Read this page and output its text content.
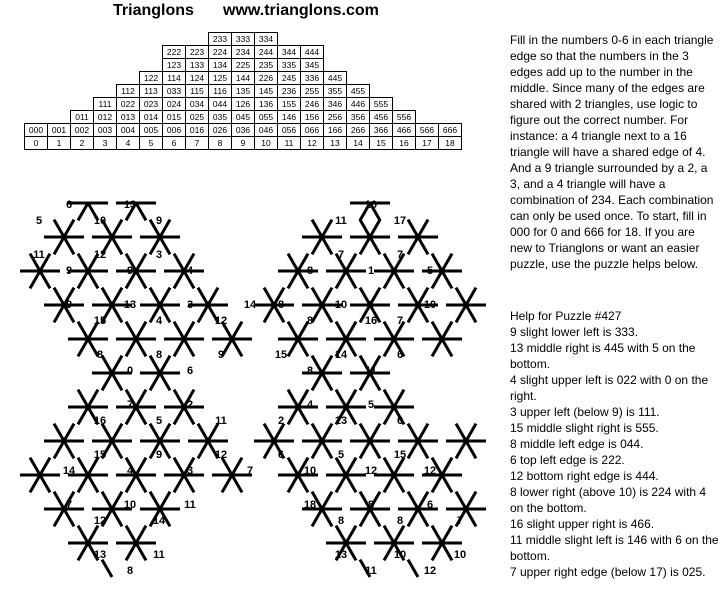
Trianglons www.trianglons.com
								233	333	334								
						222	223	224	234	244	344	444						
						123	133	134	225	235	335	345						
					122	114	124	125	144	226	245	336	445					
				112	113	033	115	116	135	145	236	255	355	455				
			111	022	023	024	034	044	126	136	155	246	346	446	555			
		011	012	013	014	015	025	035	045	055	146	156	256	356	456	556		
000	001	002	003	004	005	006	016	026	036	046	056	066	166	266	366	466	566	666
0	1	2	3	4	5	6	7	8	9	10	11	12	13	14	15	16	17	18
6	13
5	10	9
10
11	17
11	12	3	7	7
9	9	4	8	1	5
9	13	3	14 8	10 6	10
15	4	12	8	16 7
8	8	9	15	14	6
0	6	8	11
7	2	4	5
16	5	11	2	13	6
15	9	12	6	5	15
14	4	3	7	10	12	12
7	10	11	18	8	6
12	14	8	8	7
13	11	13	10	10
8	11	12
Fill in the numbers 0-6 in each triangle edge so that the numbers in the 3 edges add up to the number in the middle. Since many of the edges are shared with 2 triangles, use logic to figure out the correct number. For instance: a 4 triangle next to a 16 triangle will have a shared edge of 4. And a 9 triangle surrounded by a 2, a 3, and a 4 triangle will have a combination of 234. Each combination can only be used once. To start, fill in 000 for 0 and 666 for 18. If you are new to Trianglons or want an easier puzzle, use the puzzle helps below.

Help for Puzzle #427

9 slight lower left is 333.
13 middle right is 445 with 5 on the bottom.
4 slight upper left is 022 with 0 on the right.
3 upper left (below 9) is 111.
15 middle slight right is 555.
8 middle left edge is 044.
6 top left edge is 222.
12 bottom right edge is 444.
8 lower right (above 10) is 224 with 4 on the bottom.
16 slight upper right is 466.
11 middle slight left is 146 with 6 on the bottom.
7 upper right edge (below 17) is 025.
